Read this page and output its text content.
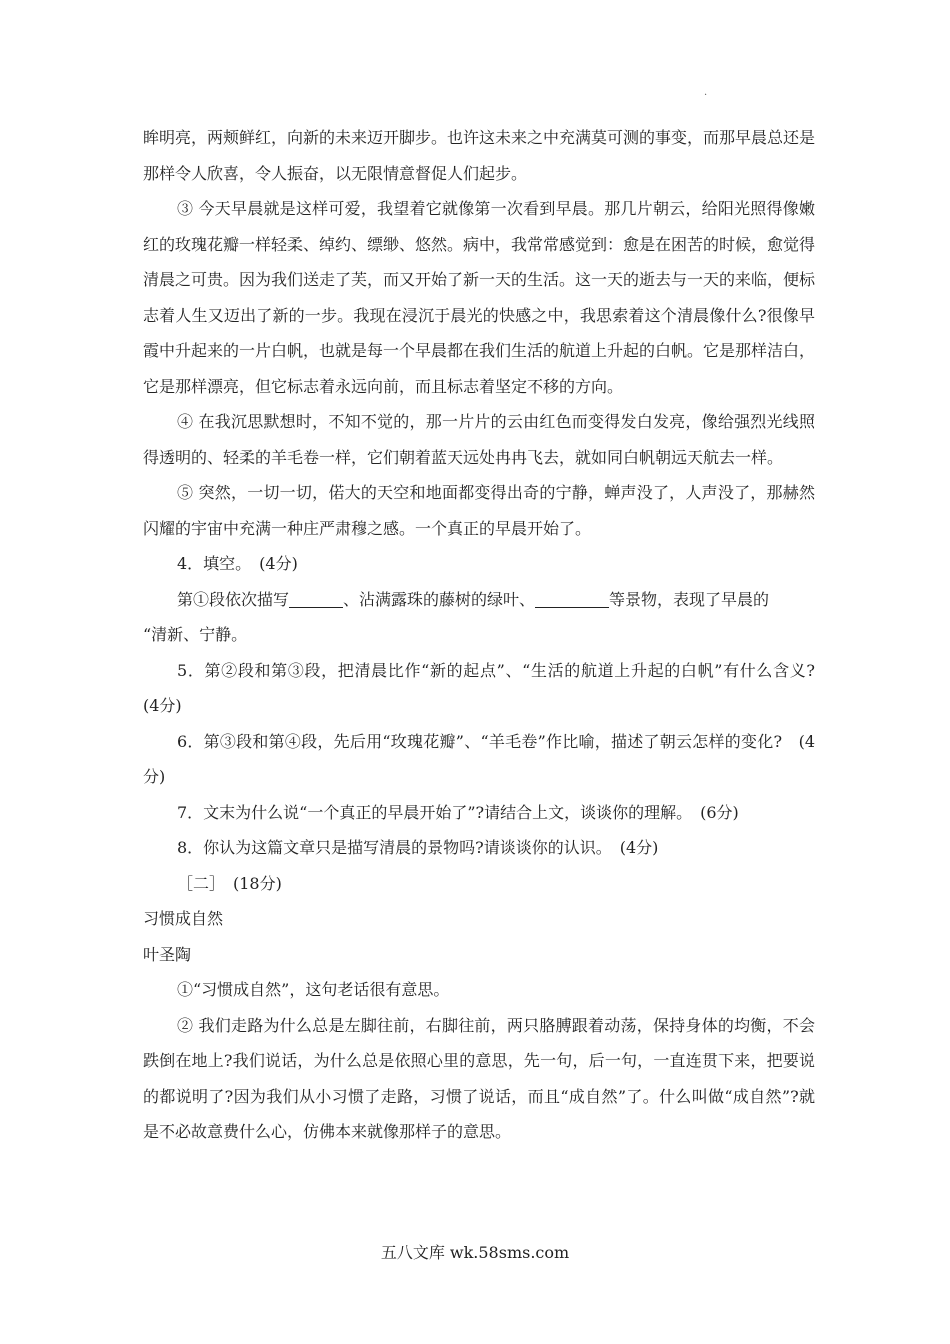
·

眸明亮，两颊鲜红，向新的未来迈开脚步。也许这未来之中充满莫可测的事变，而那早晨总还是那样令人欣喜，令人振奋，以无限情意督促人们起步。

③ 今天早晨就是这样可爱，我望着它就像第一次看到早晨。那几片朝云，给阳光照得像嫩红的玫瑰花瓣一样轻柔、绰约、缥缈、悠然。病中，我常常感觉到：愈是在困苦的时候，愈觉得清晨之可贵。因为我们送走了芙，而又开始了新一天的生活。这一天的逝去与一天的来临，便标志着人生又迈出了新的一步。我现在浸沉于晨光的快感之中，我思索着这个清晨像什么?很像早霞中升起来的一片白帆，也就是每一个早晨都在我们生活的航道上升起的白帆。它是那样洁白，它是那样漂亮，但它标志着永远向前，而且标志着坚定不移的方向。

④ 在我沉思默想时，不知不觉的，那一片片的云由红色而变得发白发亮，像给强烈光线照得透明的、轻柔的羊毛卷一样，它们朝着蓝天远处冉冉飞去，就如同白帆朝远天航去一样。

⑤ 突然，一切一切，偌大的天空和地面都变得出奇的宁静，蝉声没了，人声没了，那赫然闪耀的宇宙中充满一种庄严肃穆之感。一个真正的早晨开始了。

4．填空。　(4分)

第①段依次描写	、沾满露珠的藤树的绿叶、	等景物，表现了早晨的

“清新、宁静。

5．第②段和第③段，把清晨比作“新的起点”、“生活的航道上升起的白帆”有什么含义?　(4分)

6．第③段和第④段，先后用“玫瑰花瓣”、“羊毛卷”作比喻，描述了朝云怎样的变化?　(4分)

7．文末为什么说“一个真正的早晨开始了”?请结合上文，谈谈你的理解。　(6分)

8．你认为这篇文章只是描写清晨的景物吗?请谈谈你的认识。　(4分)

［二］　(18分)

习惯成自然

叶圣陶

①“习惯成自然”，这句老话很有意思。

② 我们走路为什么总是左脚往前，右脚往前，两只胳膊跟着动荡，保持身体的均衡，不会跌倒在地上?我们说话，为什么总是依照心里的意思，先一句，后一句，一直连贯下来，把要说的都说明了?因为我们从小习惯了走路，习惯了说话，而且“成自然”了。什么叫做“成自然”?就是不必故意费什么心，仿佛本来就像那样子的意思。

五八文库 wk.58sms.com
